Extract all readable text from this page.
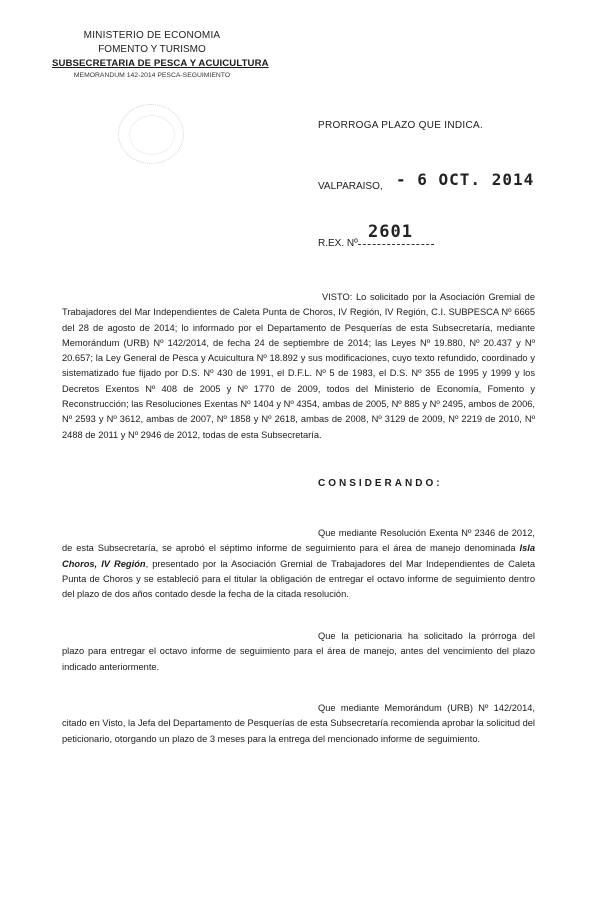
MINISTERIO DE ECONOMIA
FOMENTO Y TURISMO
SUBSECRETARIA DE PESCA Y ACUICULTURA
MEMORANDUM 142-2014 PESCA-SEGUIMIENTO
PRORROGA PLAZO QUE INDICA.
VALPARAISO, - 6 OCT. 2014
R.EX. Nº
2601

VISTO: Lo solicitado por la Asociación Gremial de Trabajadores del Mar Independientes de Caleta Punta de Choros, IV Región, IV Región, C.I. SUBPESCA Nº 6665 del 28 de agosto de 2014; lo informado por el Departamento de Pesquerías de esta Subsecretaría, mediante Memorándum (URB) Nº 142/2014, de fecha 24 de septiembre de 2014; las Leyes Nº 19.880, Nº 20.437 y Nº 20.657; la Ley General de Pesca y Acuicultura Nº 18.892 y sus modificaciones, cuyo texto refundido, coordinado y sistematizado fue fijado por D.S. Nº 430 de 1991, el D.F.L. Nº 5 de 1983, el D.S. Nº 355 de 1995 y 1999 y los Decretos Exentos Nº 408 de 2005 y Nº 1770 de 2009, todos del Ministerio de Economía, Fomento y Reconstrucción; las Resoluciones Exentas Nº 1404 y Nº 4354, ambas de 2005, Nº 885 y Nº 2495, ambos de 2006, Nº 2593 y Nº 3612, ambas de 2007, Nº 1858 y Nº 2618, ambas de 2008, Nº 3129 de 2009, Nº 2219 de 2010, Nº 2488 de 2011 y Nº 2946 de 2012, todas de esta Subsecretaría.

CONSIDERANDO:

Que mediante Resolución Exenta Nº 2346 de 2012, de esta Subsecretaría, se aprobó el séptimo informe de seguimiento para el área de manejo denominada Isla Choros, IV Región, presentado por la Asociación Gremial de Trabajadores del Mar Independientes de Caleta Punta de Choros y se estableció para el titular la obligación de entregar el octavo informe de seguimiento dentro del plazo de dos años contado desde la fecha de la citada resolución.

Que la peticionaria ha solicitado la prórroga del plazo para entregar el octavo informe de seguimiento para el área de manejo, antes del vencimiento del plazo indicado anteriormente.

Que mediante Memorándum (URB) Nº 142/2014, citado en Visto, la Jefa del Departamento de Pesquerías de esta Subsecretaría recomienda aprobar la solicitud del peticionario, otorgando un plazo de 3 meses para la entrega del mencionado informe de seguimiento.
